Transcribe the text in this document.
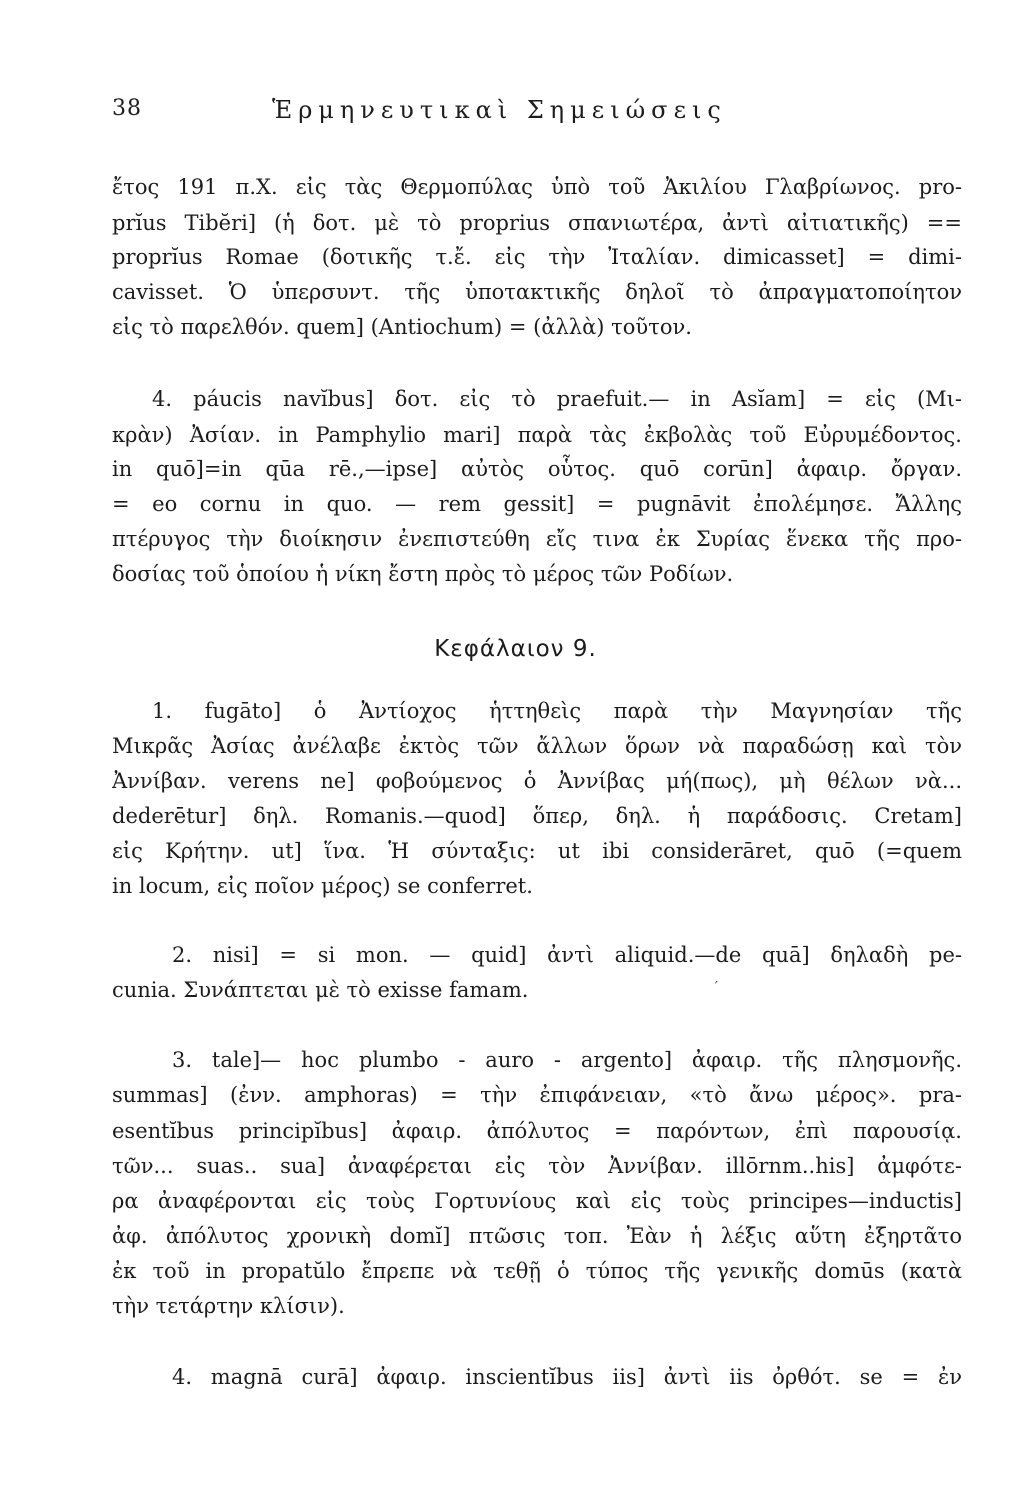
38	Ἑρμηνευτικαὶ Σημειώσεις
ἔτος 191 π.Χ. εἰς τὰς Θερμοπύλας ὑπὸ τοῦ Ἀκιλίου Γλαβρίωνος. pro-
prĭus Tibĕri] (ἡ δοτ. μὲ τὸ proprius σπανιωτέρα, ἀντὶ αἰτιατικῆς) ==
proprĭus Romae (δοτικῆς τ.ἔ. εἰς τὴν Ἰταλίαν. dimicasset] = dimi-
cavisset. Ὁ ὑπερσυντ. τῆς ὑποτακτικῆς δηλοῖ τὸ ἀπραγματοποίητον
εἰς τὸ παρελθόν. quem] (Antiochum) = (ἀλλὰ) τοῦτον.
4. páucis navĭbus] δοτ. εἰς τὸ praefuit.— in Asĭam] = εἰς (Μι-
κρὰν) Ἀσίαν. in Pamphylio mari] παρὰ τὰς ἐκβολὰς τοῦ Εὐρυμέδοντος.
in quō]=in qūa rē.,—ipse] αὐτὸς οὗτος. quō corūn] ἀφαιρ. ὄργαν.
= eo cornu in quo. — rem gessit] = pugnāvit ἐπολέμησε. Ἄλλης
πτέρυγος τὴν διοίκησιν ἐνεπιστεύθη εἴς τινα ἐκ Συρίας ἕνεκα τῆς προ-
δοσίας τοῦ ὁποίου ἡ νίκη ἔστη πρὸς τὸ μέρος τῶν Ροδίων.
Κεφάλαιον 9.
1. fugāto] ὁ Ἀντίοχος ἡττηθεὶς παρὰ τὴν Μαγνησίαν τῆς
Μικρᾶς Ἀσίας ἀνέλαβε ἐκτὸς τῶν ἄλλων ὅρων νὰ παραδώσῃ καὶ τὸν
Ἀννίβαν. verens ne] φοβούμενος ὁ Ἀννίβας μή(πως), μὴ θέλων νὰ...
dederētur] δηλ. Romanis.—quod] ὅπερ, δηλ. ἡ παράδοσις. Cretam]
εἰς Κρήτην. ut] ἵνα. Ἡ σύνταξις: ut ibi considerāret, quō (=quem
in locum, εἰς ποῖον μέρος) se conferret.
2. nisi] = si mon. — quid] ἀντὶ aliquid.—de quā] δηλαδὴ pe-
cunia. Συνάπτεται μὲ τὸ exisse famam.	ˊ
3. tale]— hoc plumbo - auro - argento] ἀφαιρ. τῆς πλησμονῆς.
summas] (ἐνν. amphoras) = τὴν ἐπιφάνειαν, «τὸ ἄνω μέρος». pra-
esentĭbus principĭbus] ἀφαιρ. ἀπόλυτος = παρόντων, ἐπὶ παρουσίᾳ.
τῶν... suas.. sua] ἀναφέρεται εἰς τὸν Ἀννίβαν. illōrnm..his] ἀμφότε-
ρα ἀναφέρονται εἰς τοὺς Γορτυνίους καὶ εἰς τοὺς principes—inductis]
ἀφ. ἀπόλυτος χρονικὴ domĭ] πτῶσις τοπ. Ἐὰν ἡ λέξις αὕτη ἐξηρτᾶτο
ἐκ τοῦ in propatŭlo ἔπρεπε νὰ τεθῇ ὁ τύπος τῆς γενικῆς domūs (κατὰ
τὴν τετάρτην κλίσιν).
4. magnā curā] ἀφαιρ. inscientĭbus iis] ἀντὶ iis ὀρθότ. se = ἐν
